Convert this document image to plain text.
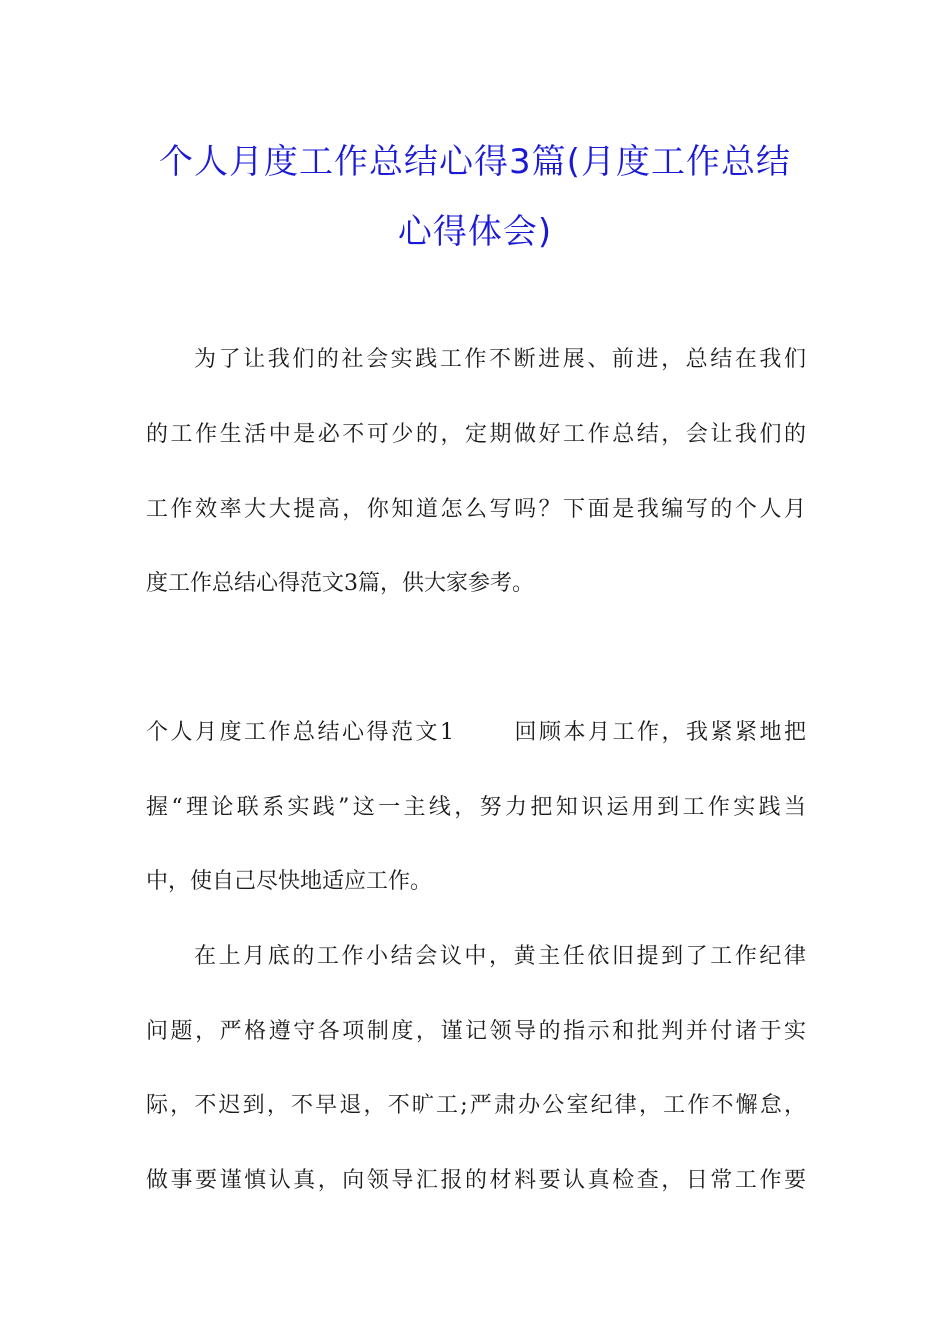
个人月度工作总结心得3篇(月度工作总结
心得体会)
为了让我们的社会实践工作不断进展、前进，总结在我们
的工作生活中是必不可少的，定期做好工作总结，会让我们的
工作效率大大提高，你知道怎么写吗？下面是我编写的个人月
度工作总结心得范文3篇，供大家参考。
个人月度工作总结心得范文1	回顾本月工作，我紧紧地把
握“理论联系实践”这一主线，努力把知识运用到工作实践当
中，使自己尽快地适应工作。
在上月底的工作小结会议中，黄主任依旧提到了工作纪律
问题，严格遵守各项制度，谨记领导的指示和批判并付诸于实
际，不迟到，不早退，不旷工;严肃办公室纪律，工作不懈怠，
做事要谨慎认真，向领导汇报的材料要认真检查，日常工作要
